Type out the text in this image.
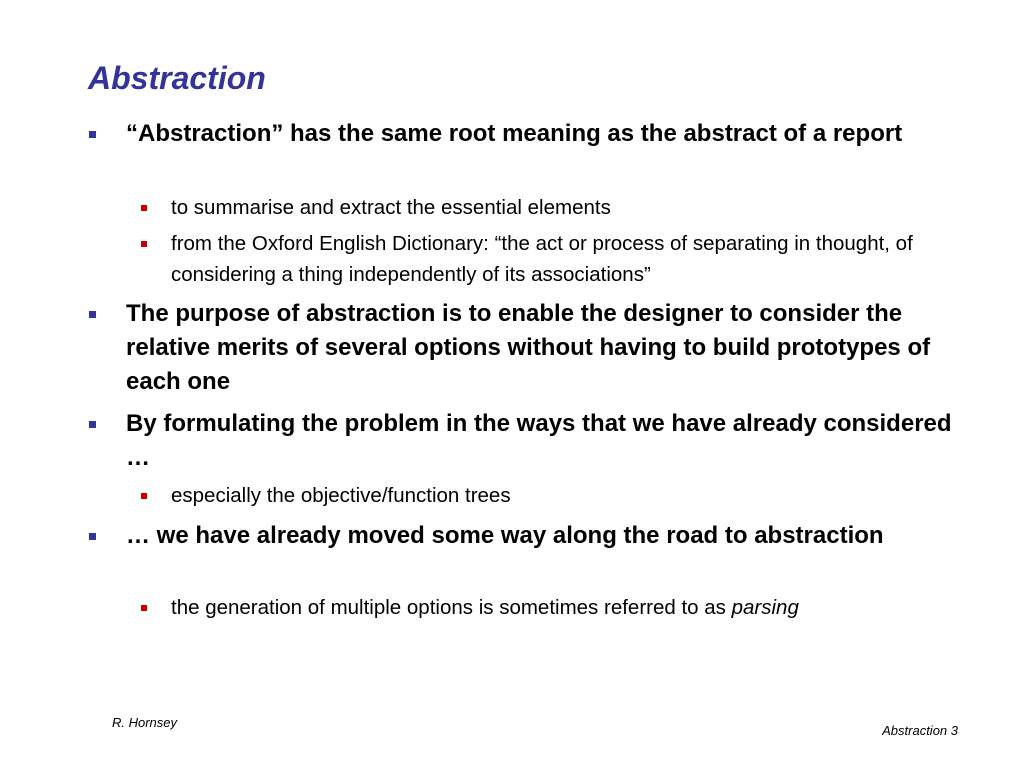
Abstraction
“Abstraction” has the same root meaning as the abstract of a report
to summarise and extract the essential elements
from the Oxford English Dictionary: “the act or process of separating in thought, of considering a thing independently of its associations”
The purpose of abstraction is to enable the designer to consider the relative merits of several options without having to build prototypes of each one
By formulating the problem in the ways that we have already considered …
especially the objective/function trees
… we have already moved some way along the road to abstraction
the generation of multiple options is sometimes referred to as parsing
R. Hornsey
Abstraction 3
